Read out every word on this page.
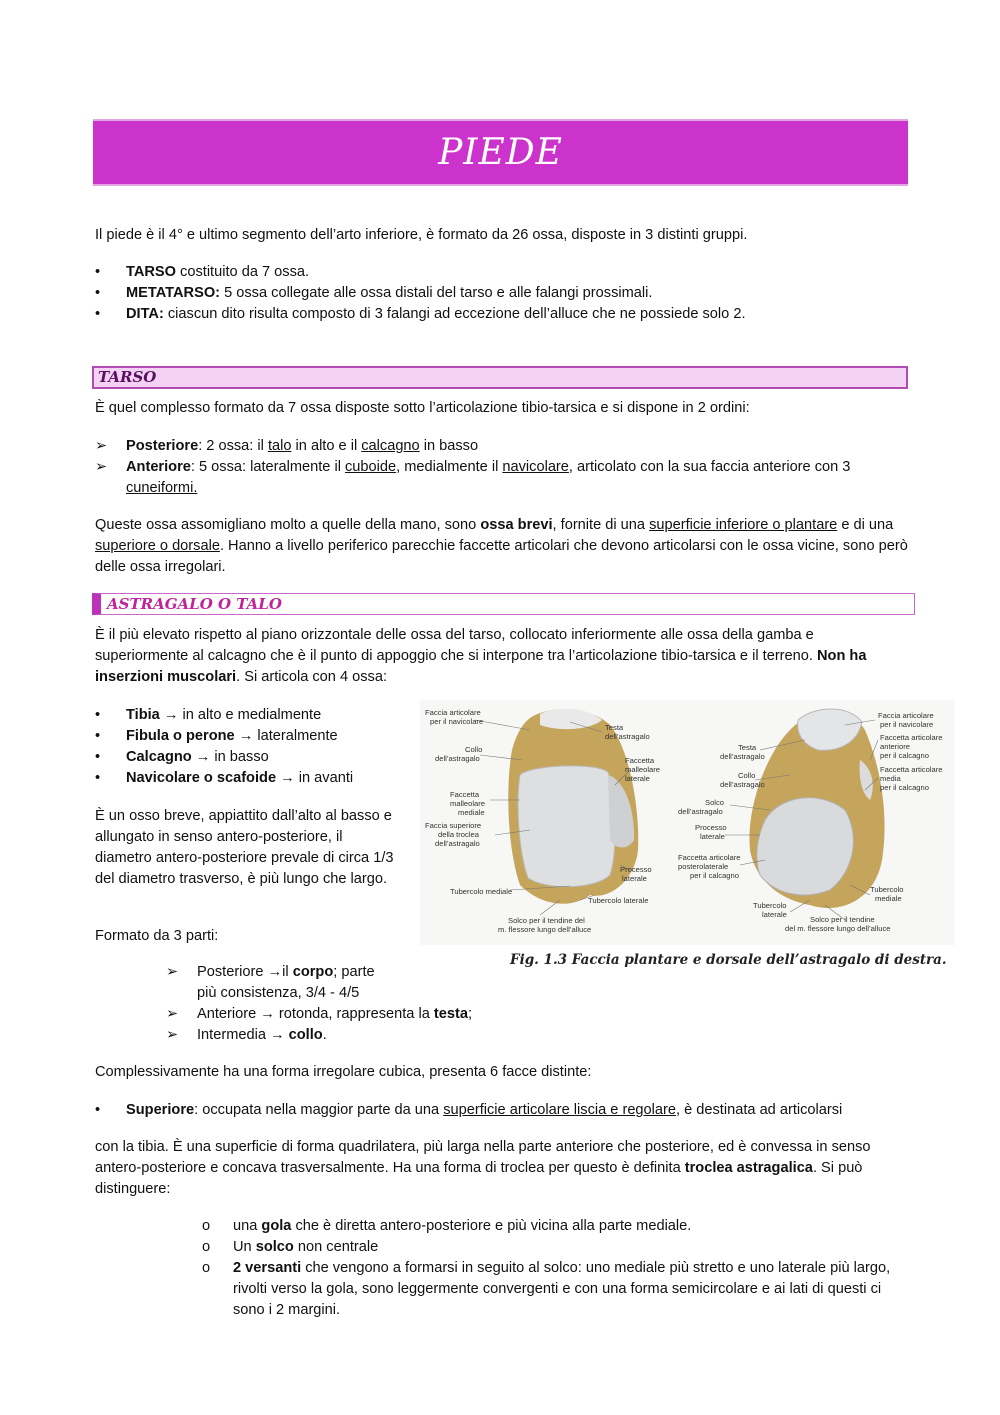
PIEDE

Il piede è il 4° e ultimo segmento dell’arto inferiore, è formato da 26 ossa, disposte in 3 distinti gruppi.

•	TARSO costituito da 7 ossa.
•	METATARSO: 5 ossa collegate alle ossa distali del tarso e alle falangi prossimali.
•	DITA: ciascun dito risulta composto di 3 falangi ad eccezione dell’alluce che ne possiede solo 2.
TARSO

È quel complesso formato da 7 ossa disposte sotto l’articolazione tibio-tarsica e si dispone in 2 ordini:

➢	Posteriore: 2 ossa: il talo in alto e il calcagno in basso
➢	Anteriore: 5 ossa: lateralmente il cuboide, medialmente il navicolare, articolato con la sua faccia anteriore con 3 cuneiformi.

Queste ossa assomigliano molto a quelle della mano, sono ossa brevi, fornite di una superficie inferiore o plantare e di una superiore o dorsale. Hanno a livello periferico parecchie faccette articolari che devono articolarsi con le ossa vicine, sono però delle ossa irregolari.

ASTRAGALO O TALO

È il più elevato rispetto al piano orizzontale delle ossa del tarso, collocato inferiormente alle ossa della gamba e superiormente al calcagno che è il punto di appoggio che si interpone tra l’articolazione tibio-tarsica e il terreno. Non ha inserzioni muscolari. Si articola con 4 ossa:

•	Tibia → in alto e medialmente
•	Fibula o perone → lateralmente
•	Calcagno → in basso
•	Navicolare o scafoide → in avanti

È un osso breve, appiattito dall’alto al basso e allungato in senso antero-posteriore, il diametro antero-posteriore prevale di circa 1/3 del diametro trasverso, è più lungo che largo.

Formato da 3 parti:

➢	Posteriore →il corpo; parte più consistenza, 3/4 - 4/5
➢	Anteriore → rotonda, rappresenta la testa;
➢	Intermedia → collo.
Faccia articolare
per il navicolare
Testa
dell’astragalo
Collo
dell’astragalo	Faccetta
malleolare
laterale
Faccetta
malleolare
mediale
Faccia superiore
della troclea
dell’astragalo
Processo
laterale
Tubercolo mediale
Tubercolo laterale
Solco per il tendine del
m. flessore lungo dell’alluce
Faccia articolare
per il navicolare
Testa
dell’astragalo
Faccetta articolare
anteriore
per il calcagno
Collo
dell’astragalo
Faccetta articolare
media
per il calcagno
Solco
dell’astragalo
Processo
laterale
Faccetta articolare
posterolaterale
per il calcagno
Tubercolo
mediale
Tubercolo
laterale
Solco per il tendine
del m. flessore lungo dell’alluce
Fig. 1.3 Faccia plantare e dorsale dell’astragalo di destra.

Complessivamente ha una forma irregolare cubica, presenta 6 facce distinte:

•	Superiore: occupata nella maggior parte da una superficie articolare liscia e regolare, è destinata ad articolarsi

con la tibia. È una superficie di forma quadrilatera, più larga nella parte anteriore che posteriore, ed è convessa in senso antero-posteriore e concava trasversalmente. Ha una forma di troclea per questo è definita troclea astragalica. Si può distinguere:

o	una gola che è diretta antero-posteriore e più vicina alla parte mediale.
o	Un solco non centrale
o	2 versanti che vengono a formarsi in seguito al solco: uno mediale più stretto e uno laterale più largo, rivolti verso la gola, sono leggermente convergenti e con una forma semicircolare e ai lati di questi ci sono i 2 margini.
